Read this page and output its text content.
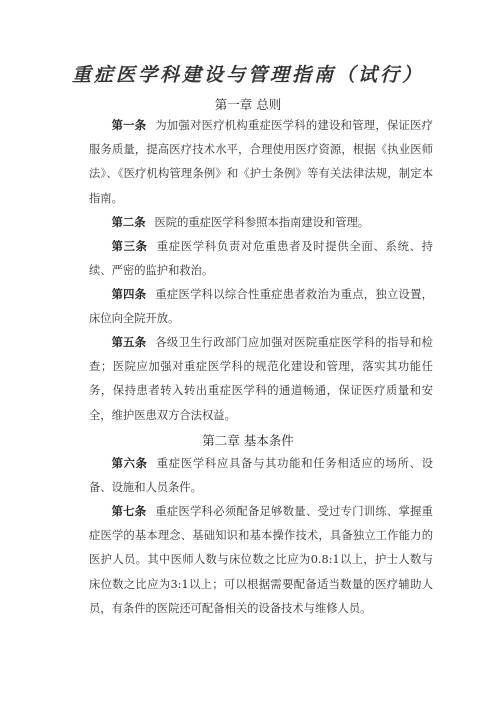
重症医学科建设与管理指南（试行）
第一章 总则

第一条 为加强对医疗机构重症医学科的建设和管理，保证医疗服务质量，提高医疗技术水平，合理使用医疗资源，根据《执业医师法》、《医疗机构管理条例》和《护士条例》等有关法律法规，制定本指南。

第二条 医院的重症医学科参照本指南建设和管理。

第三条 重症医学科负责对危重患者及时提供全面、系统、持续、严密的监护和救治。

第四条 重症医学科以综合性重症患者救治为重点，独立设置，床位向全院开放。

第五条 各级卫生行政部门应加强对医院重症医学科的指导和检查；医院应加强对重症医学科的规范化建设和管理，落实其功能任务，保持患者转入转出重症医学科的通道畅通，保证医疗质量和安全，维护医患双方合法权益。

第二章 基本条件

第六条 重症医学科应具备与其功能和任务相适应的场所、设备、设施和人员条件。

第七条 重症医学科必须配备足够数量、受过专门训练、掌握重症医学的基本理念、基础知识和基本操作技术，具备独立工作能力的医护人员。其中医师人数与床位数之比应为0.8:1以上，护士人数与床位数之比应为3:1以上；可以根据需要配备适当数量的医疗辅助人员，有条件的医院还可配备相关的设备技术与维修人员。
